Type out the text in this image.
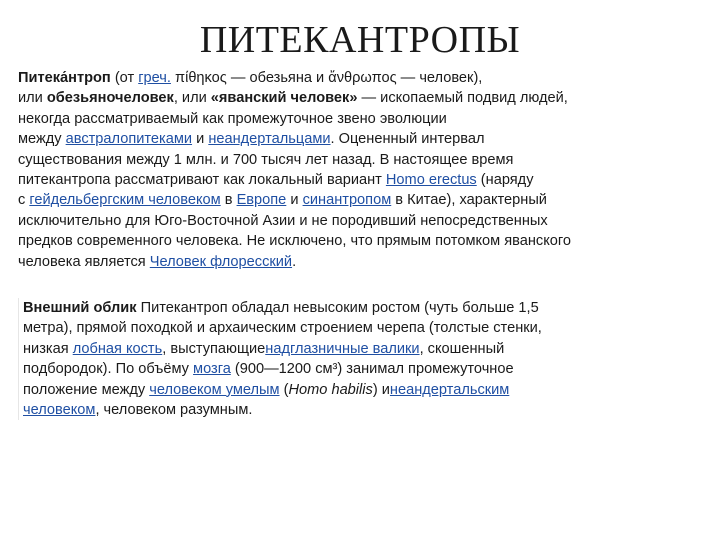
ПИТЕКАНТРОПЫ
Питека́нтроп (от греч. πίθηκος — обезьяна и ἄνθρωπος — человек),
или обезьяночеловек, или «яванский человек» — ископаемый подвид людей,
некогда рассматриваемый как промежуточное звено эволюции
между австралопитеками и неандертальцами. Оцененный интервал
существования между 1 млн. и 700 тысяч лет назад. В настоящее время
питекантропа рассматривают как локальный вариант Homo erectus (наряду
с гейдельбергским человеком в Европе и синантропом в Китае), характерный
исключительно для Юго-Восточной Азии и не породивший непосредственных
предков современного человека. Не исключено, что прямым потомком яванского
человека является Человек флоресский.
Внешний облик Питекантроп обладал невысоким ростом (чуть больше 1,5
метра), прямой походкой и архаическим строением черепа (толстые стенки,
низкая лобная кость, выступающиенадглазничные валики, скошенный
подбородок). По объёму мозга (900—1200 см³) занимал промежуточное
положение между человеком умелым (Homo habilis) инеандертальским
человеком, человеком разумным.
